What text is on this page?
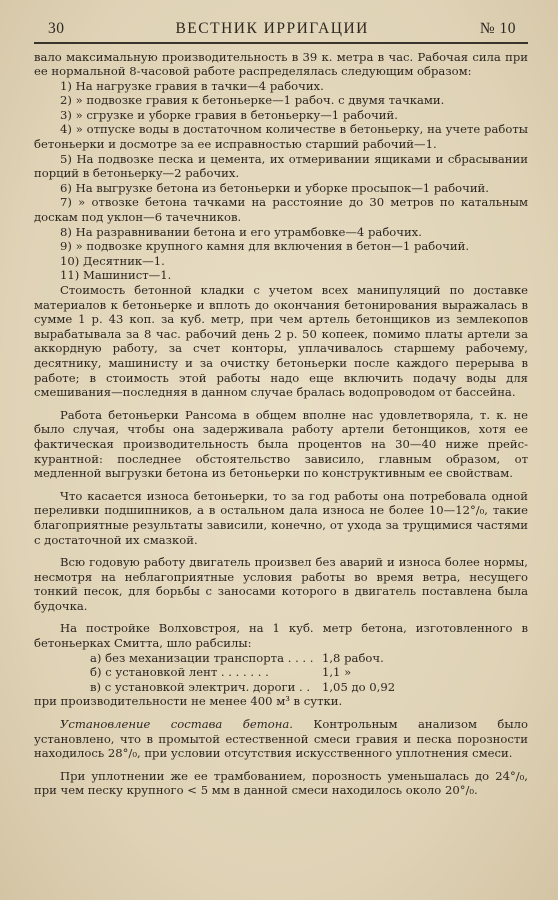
30	ВЕСТНИК ИРРИГАЦИИ	№ 10

вало максимальную производительность в 39 к. метра в час. Рабочая сила при ее нормальной 8-часовой работе распределялась следующим образом:

1) На нагрузке гравия в тачки—4 рабочих.

2) » подвозке гравия к бетоньерке—1 рабоч. с двумя тачками.

3) » сгрузке и уборке гравия в бетоньерку—1 рабочий.

4) » отпуске воды в достаточном количестве в бетоньерку, на учете работы бетоньерки и досмотре за ее исправностью старший рабочий—1.

5) На подвозке песка и цемента, их отмеривании ящиками и сбрасывании порций в бетоньерку—2 рабочих.

6) На выгрузке бетона из бетоньерки и уборке просыпок—1 рабочий.

7) » отвозке бетона тачками на расстояние до 30 метров по катальным доскам под уклон—6 тачечников.

8) На разравнивании бетона и его утрамбовке—4 рабочих.

9) » подвозке крупного камня для включения в бетон—1 рабочий.

10) Десятник—1.

11) Машинист—1.

Стоимость бетонной кладки с учетом всех манипуляций по доставке материалов к бетоньерке и вплоть до окончания бетонирования выражалась в сумме 1 р. 43 коп. за куб. метр, при чем артель бетонщиков из землекопов вырабатывала за 8 час. рабочий день 2 р. 50 копеек, помимо платы артели за аккордную работу, за счет конторы, уплачивалось старшему рабочему, десятнику, машинисту и за очистку бетоньерки после каждого перерыва в работе; в стоимость этой работы надо еще включить подачу воды для смешивания—последняя в данном случае бралась водопроводом от бассейна.

Работа бетоньерки Рансома в общем вполне нас удовлетворяла, т. к. не было случая, чтобы она задерживала работу артели бетонщиков, хотя ее фактическая производительность была процентов на 30—40 ниже прейс-курантной: последнее обстоятельство зависило, главным образом, от медленной выгрузки бетона из бетоньерки по конструктивным ее свойствам.

Что касается износа бетоньерки, то за год работы она потребовала одной переливки подшипников, а в остальном дала износа не более 10—12°/₀, такие благоприятные результаты зависили, конечно, от ухода за трущимися частями с достаточной их смазкой.

Всю годовую работу двигатель произвел без аварий и износа более нормы, несмотря на неблагоприятные условия работы во время ветра, несущего тонкий песок, для борьбы с заносами которого в двигатель поставлена была будочка.

На постройке Волховстроя, на 1 куб. метр бетона, изготовленного в бетоньерках Смитта, шло рабсилы:

а) без механизации транспорта . . . . 1,8 рабоч.
б) с установкой лент . . . . . . .	1,1 »
в) с установкой электрич. дороги . .	1,05 до 0,92

при производительности не менее 400 м³ в сутки.

Установление состава бетона. Контрольным анализом было установлено, что в промытой естественной смеси гравия и песка порозности находилось 28°/₀, при условии отсутствия искусственного уплотнения смеси.

При уплотнении же ее трамбованием, порозность уменьшалась до 24°/₀, при чем песку крупного < 5 мм в данной смеси находилось около 20°/₀.
